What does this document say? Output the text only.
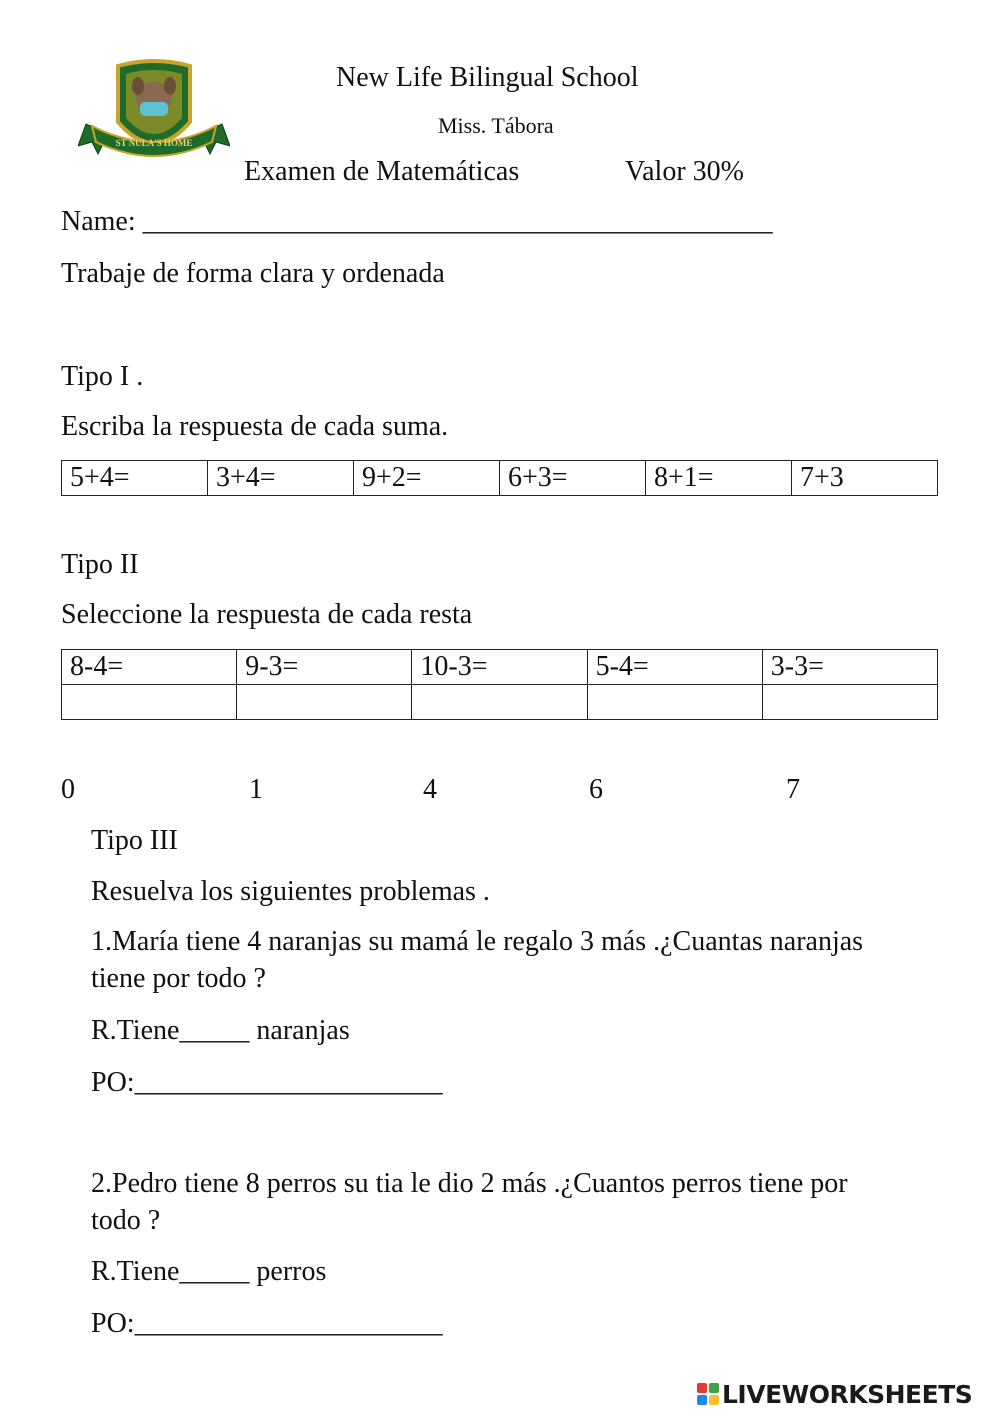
ST NULA'S HOME
New Life Bilingual School
Miss. Tábora
Examen de Matemáticas	Valor 30%
Name: _____________________________________________
Trabaje de forma clara y ordenada
Tipo I .
Escriba la respuesta de cada suma.
5+4=	3+4=	9+2=	6+3=	8+1=	7+3
Tipo II
Seleccione la respuesta de cada resta
8-4=	9-3=	10-3=	5-4=	3-3=

0	1	4	6	7
Tipo III
Resuelva los siguientes problemas .
1.María tiene 4 naranjas su mamá le regalo 3 más .¿Cuantas naranjas
tiene por todo ?
R.Tiene_____ naranjas
PO:______________________
2.Pedro tiene 8 perros su tia le dio 2 más .¿Cuantos perros tiene por
todo ?
R.Tiene_____ perros
PO:______________________
LIVEWORKSHEETS
